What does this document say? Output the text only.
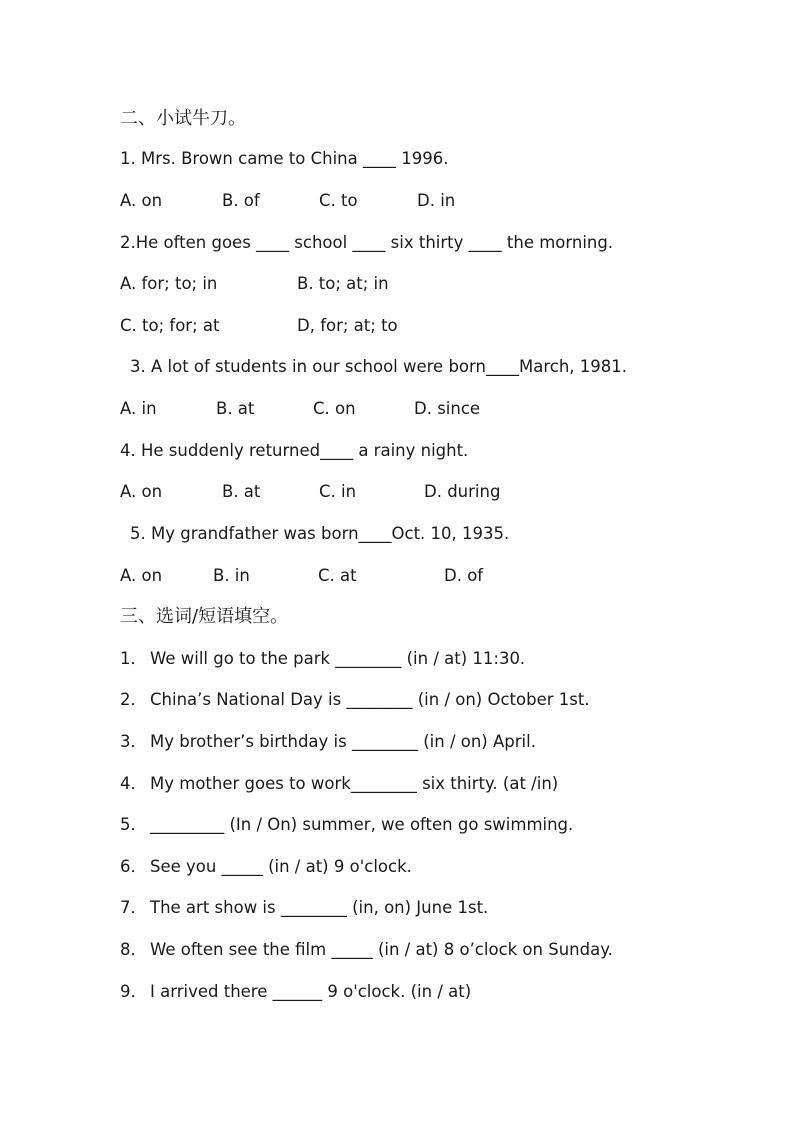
二、小试牛刀。
1. Mrs. Brown came to China ____ 1996.
A. on	B. of	C. to	D. in
2.He often goes ____ school ____ six thirty ____ the morning.
A. for; to; in	B. to; at; in
C. to; for; at	D, for; at; to
3. A lot of students in our school were born____March, 1981.
A. in	B. at	C. on	D. since
4. He suddenly returned____ a rainy night.
A. on	B. at	C. in	D. during
5. My grandfather was born____Oct. 10, 1935.
A. on	B. in	C. at	D. of
三、选词/短语填空。
1． We will go to the park ________ (in / at) 11:30.
2． China’s National Day is ________ (in / on) October 1st.
3． My brother’s birthday is ________ (in / on) April.
4． My mother goes to work________ six thirty. (at /in)
5． _________ (In / On) summer, we often go swimming.
6． See you _____ (in / at) 9 o'clock.
7． The art show is ________ (in, on) June 1st.
8． We often see the film _____ (in / at) 8 o’clock on Sunday.
9． I arrived there ______ 9 o'clock. (in / at)
